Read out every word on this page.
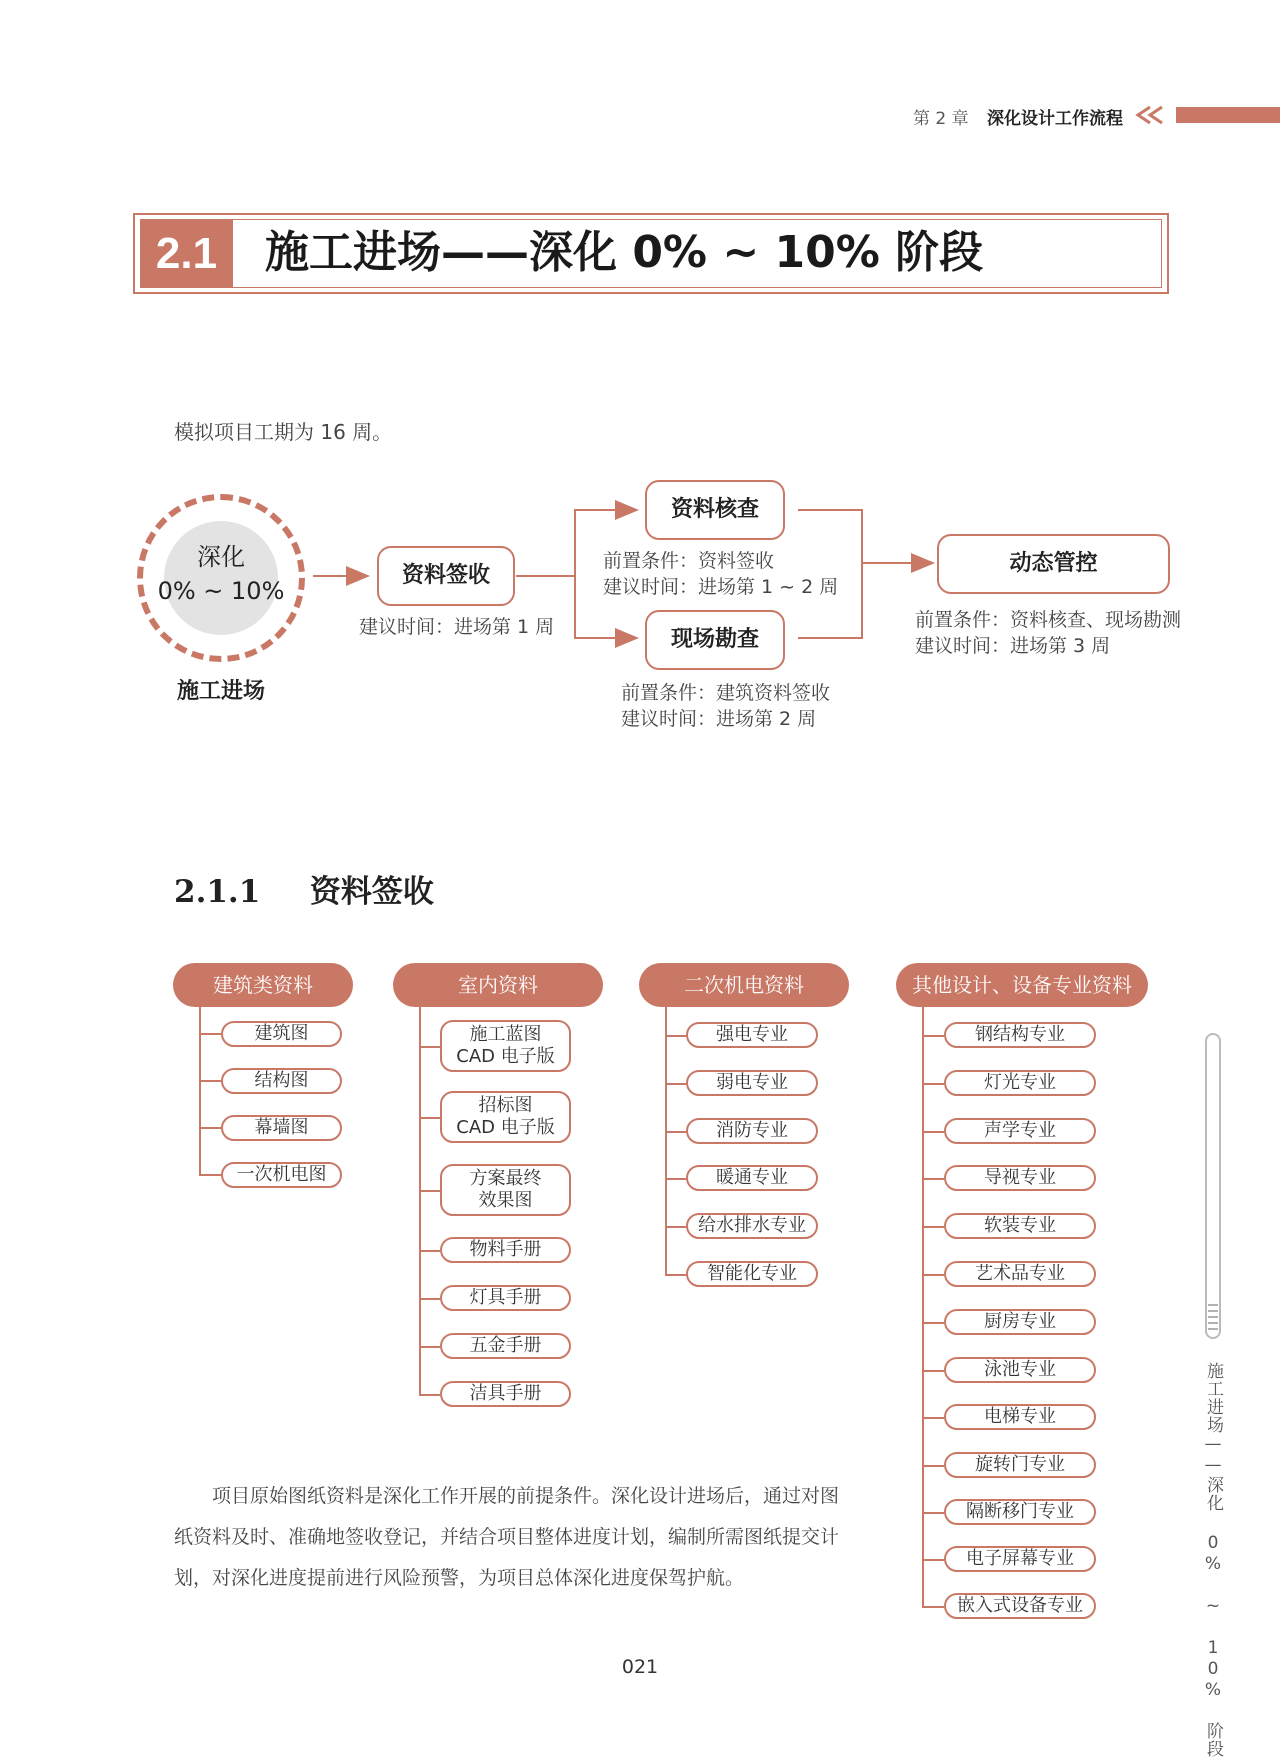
第 2 章 深化设计工作流程
2.1	施工进场——深化 0% ~ 10% 阶段
模拟项目工期为 16 周。
深化
0% ~ 10%
施工进场
资料签收
建议时间：进场第 1 周
资料核查
前置条件：资料签收
建议时间：进场第 1 ~ 2 周
现场勘查
前置条件：建筑资料签收
建议时间：进场第 2 周
动态管控
前置条件：资料核查、现场勘测
建议时间：进场第 3 周
2.1.1 资料签收
建筑类资料
建筑图
结构图
幕墙图
一次机电图
室内资料
施工蓝图
CAD 电子版
招标图
CAD 电子版
方案最终
效果图
物料手册
灯具手册
五金手册
洁具手册
二次机电资料
强电专业
弱电专业
消防专业
暖通专业
给水排水专业
智能化专业
其他设计、设备专业资料
钢结构专业
灯光专业
声学专业
导视专业
软装专业
艺术品专业
厨房专业
泳池专业
电梯专业
旋转门专业
隔断移门专业
电子屏幕专业
嵌入式设备专业
项目原始图纸资料是深化工作开展的前提条件。深化设计进场后，通过对图纸资料及时、准确地签收登记，并结合项目整体进度计划，编制所需图纸提交计划，对深化进度提前进行风险预警，为项目总体深化进度保驾护航。
021	施工进场——深化 0% ~ 10% 阶段
